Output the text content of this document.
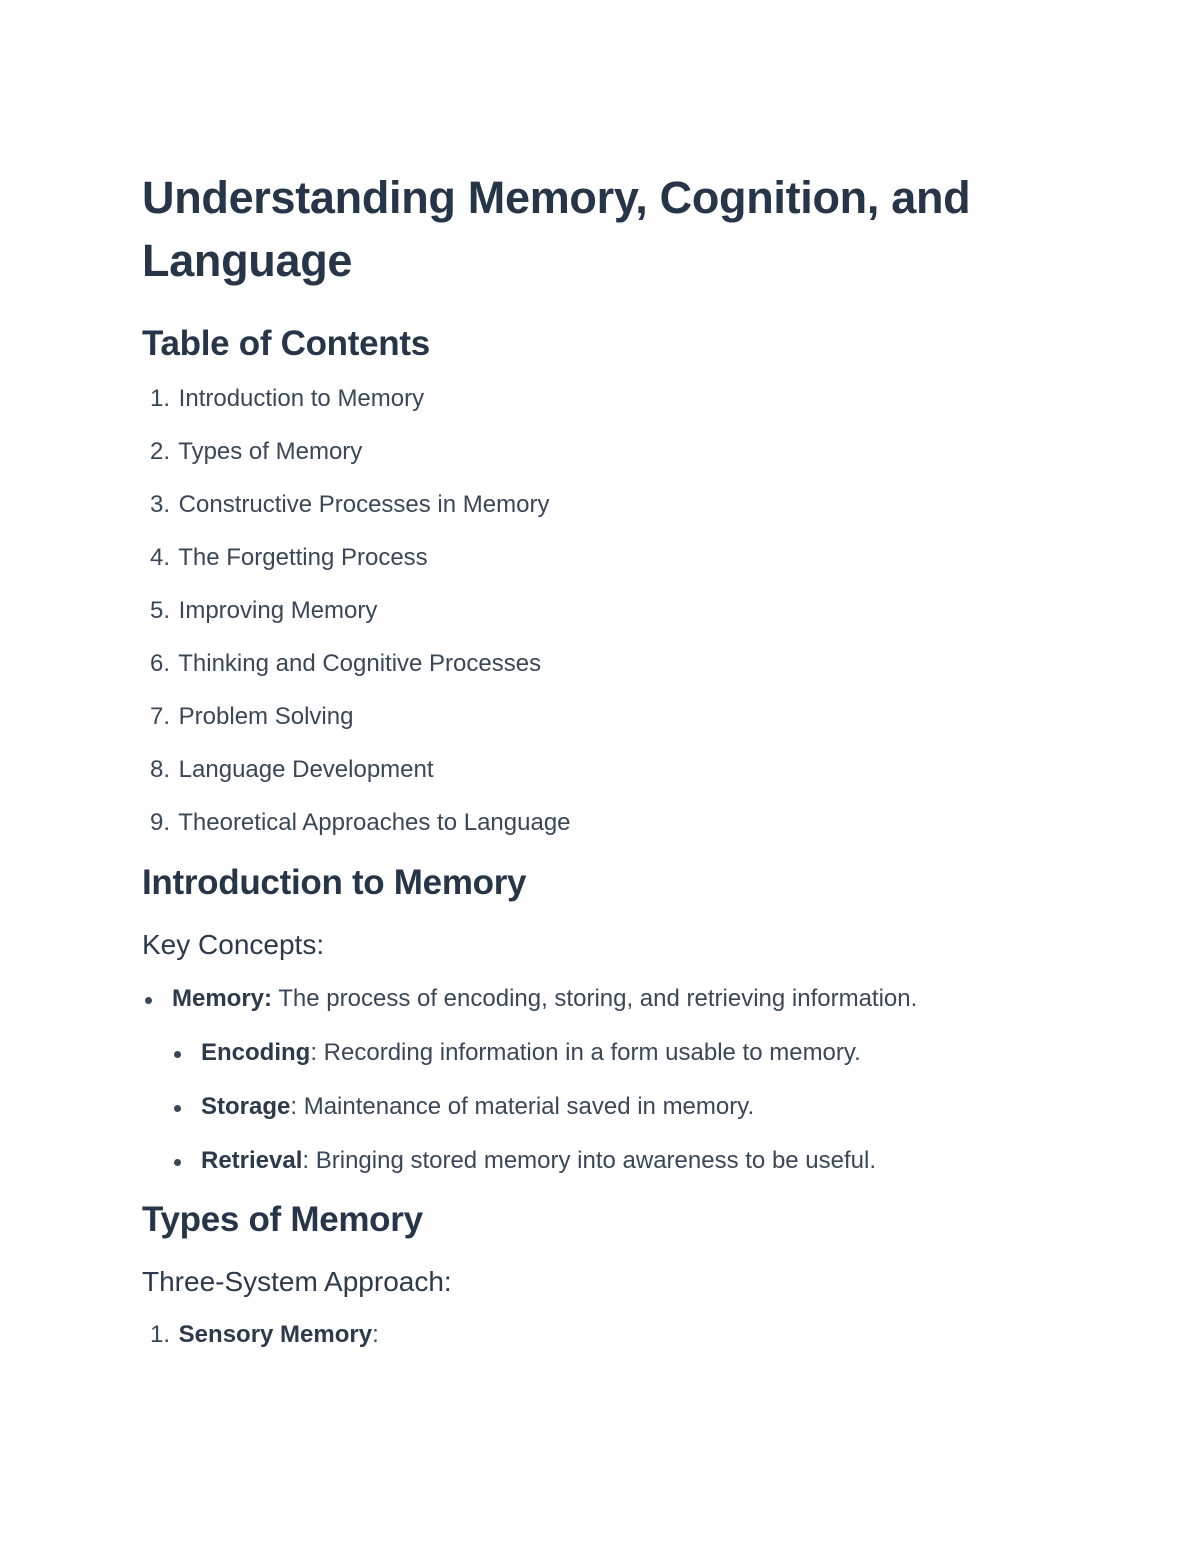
Understanding Memory, Cognition, and Language
Table of Contents
1. Introduction to Memory
2. Types of Memory
3. Constructive Processes in Memory
4. The Forgetting Process
5. Improving Memory
6. Thinking and Cognitive Processes
7. Problem Solving
8. Language Development
9. Theoretical Approaches to Language
Introduction to Memory
Key Concepts:
Memory: The process of encoding, storing, and retrieving information.
Encoding: Recording information in a form usable to memory.
Storage: Maintenance of material saved in memory.
Retrieval: Bringing stored memory into awareness to be useful.
Types of Memory
Three-System Approach:
1. Sensory Memory:
